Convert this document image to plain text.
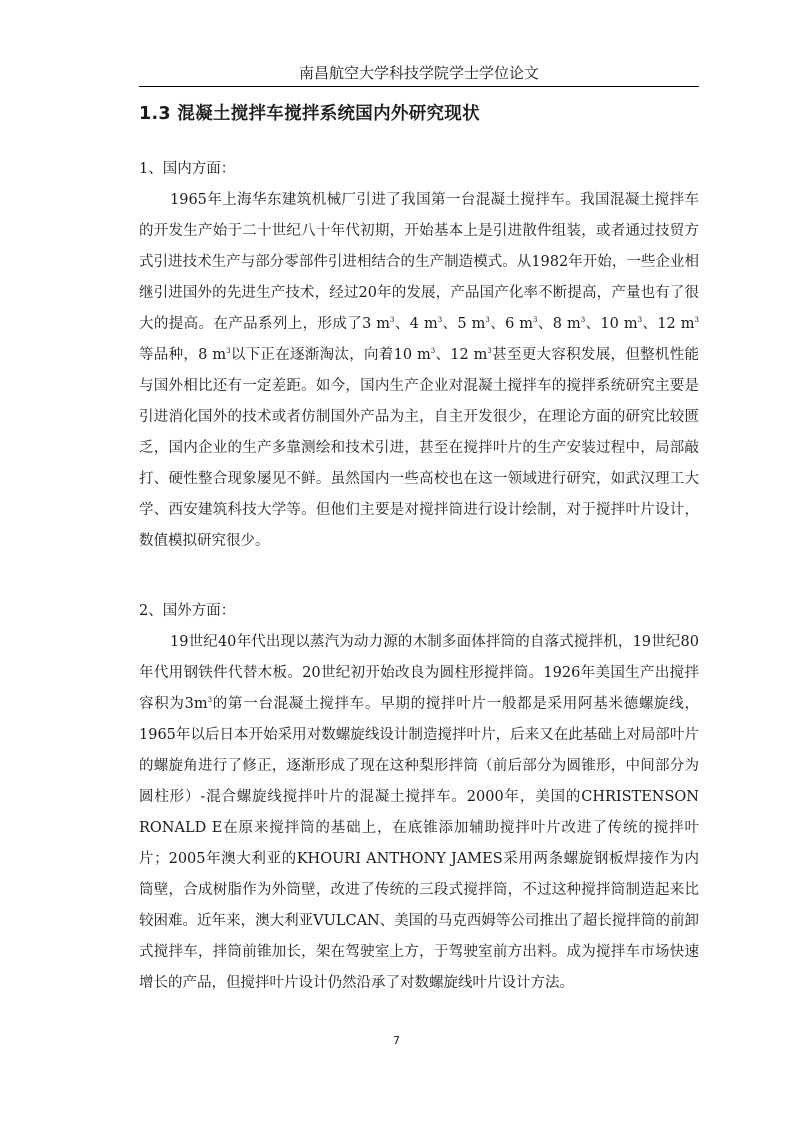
南昌航空大学科技学院学士学位论文
1.3 混凝土搅拌车搅拌系统国内外研究现状

1、国内方面：

1965年上海华东建筑机械厂引进了我国第一台混凝土搅拌车。我国混凝土搅拌车的开发生产始于二十世纪八十年代初期，开始基本上是引进散件组装，或者通过技贸方式引进技术生产与部分零部件引进相结合的生产制造模式。从1982年开始，一些企业相继引进国外的先进生产技术，经过20年的发展，产品国产化率不断提高，产量也有了很大的提高。在产品系列上，形成了3 $m^3$、4 $m^3$、5 $m^3$、6 $m^3$、8 $m^3$、10 $m^3$、12 $m^3$等品种，8 $m^3$以下正在逐渐淘汰，向着10 $m^3$、12 $m^3$甚至更大容积发展，但整机性能与国外相比还有一定差距。如今，国内生产企业对混凝土搅拌车的搅拌系统研究主要是引进消化国外的技术或者仿制国外产品为主，自主开发很少，在理论方面的研究比较匮乏，国内企业的生产多靠测绘和技术引进，甚至在搅拌叶片的生产安装过程中，局部敲打、硬性整合现象屡见不鲜。虽然国内一些高校也在这一领域进行研究，如武汉理工大学、西安建筑科技大学等。但他们主要是对搅拌筒进行设计绘制，对于搅拌叶片设计，数值模拟研究很少。

2、国外方面：

19世纪40年代出现以蒸汽为动力源的木制多面体拌筒的自落式搅拌机，19世纪80年代用钢铁件代替木板。20世纪初开始改良为圆柱形搅拌筒。1926年美国生产出搅拌容积为$3m^3$的第一台混凝土搅拌车。早期的搅拌叶片一般都是采用阿基米德螺旋线，1965年以后日本开始采用对数螺旋线设计制造搅拌叶片，后来又在此基础上对局部叶片的螺旋角进行了修正，逐渐形成了现在这种梨形拌筒（前后部分为圆锥形，中间部分为圆柱形）-混合螺旋线搅拌叶片的混凝土搅拌车。2000年，美国的CHRISTENSON RONALD E在原来搅拌筒的基础上，在底锥添加辅助搅拌叶片改进了传统的搅拌叶片；2005年澳大利亚的KHOURI ANTHONY JAMES采用两条螺旋钢板焊接作为内筒壁，合成树脂作为外筒壁，改进了传统的三段式搅拌筒，不过这种搅拌筒制造起来比较困难。近年来，澳大利亚VULCAN、美国的马克西姆等公司推出了超长搅拌筒的前卸式搅拌车，拌筒前锥加长，架在驾驶室上方，于驾驶室前方出料。成为搅拌车市场快速增长的产品，但搅拌叶片设计仍然沿承了对数螺旋线叶片设计方法。

7
